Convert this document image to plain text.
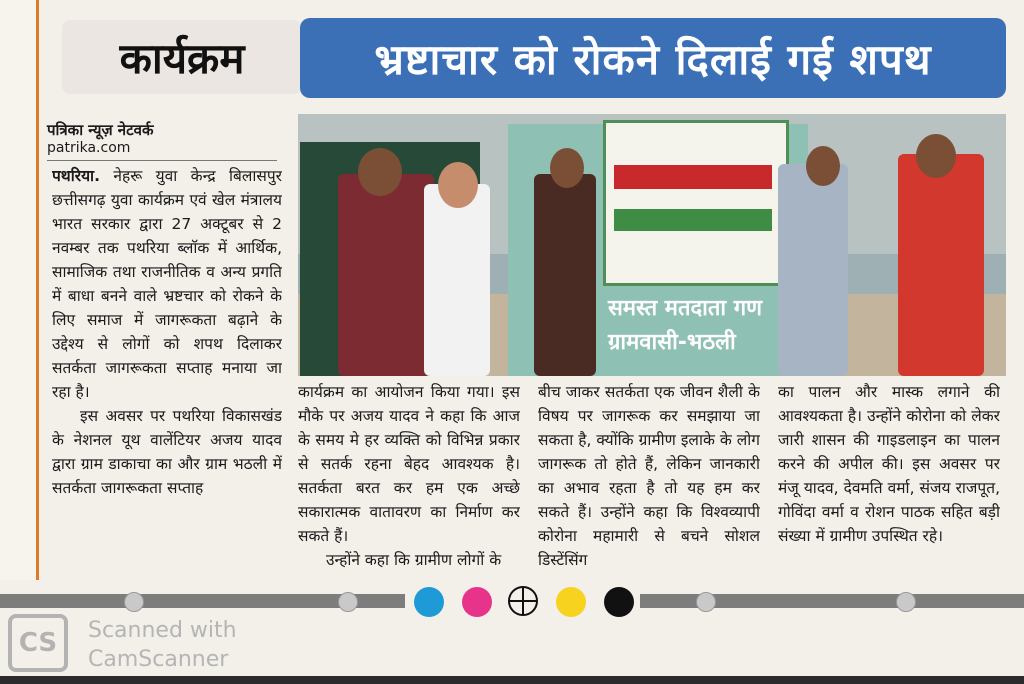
कार्यक्रम	भ्रष्टाचार को रोकने दिलाई गई शपथ
पत्रिका न्यूज़ नेटवर्क
patrika.com

पथरिया. नेहरू युवा केन्द्र बिलासपुर छत्तीसगढ़ युवा कार्यक्रम एवं खेल मंत्रालय भारत सरकार द्वारा 27 अक्टूबर से 2 नवम्बर तक पथरिया ब्लॉक में आर्थिक, सामाजिक तथा राजनीतिक व अन्य प्रगति में बाधा बनने वाले भ्रष्टचार को रोकने के लिए समाज में जागरूकता बढ़ाने के उद्देश्य से लोगों को शपथ दिलाकर सतर्कता जागरूकता सप्ताह मनाया जा रहा है।

इस अवसर पर पथरिया विकासखंड के नेशनल यूथ वालेंटियर अजय यादव द्वारा ग्राम डाकाचा का और ग्राम भठली में सतर्कता जागरूकता सप्ताह

समस्त मतदाता गण
ग्रामवासी-भठली

कार्यक्रम का आयोजन किया गया। इस मौके पर अजय यादव ने कहा कि आज के समय मे हर व्यक्ति को विभिन्न प्रकार से सतर्क रहना बेहद आवश्यक है। सतर्कता बरत कर हम एक अच्छे सकारात्मक वातावरण का निर्माण कर सकते हैं।

उन्होंने कहा कि ग्रामीण लोगों के

बीच जाकर सतर्कता एक जीवन शैली के विषय पर जागरूक कर समझाया जा सकता है, क्योंकि ग्रामीण इलाके के लोग जागरूक तो होते हैं, लेकिन जानकारी का अभाव रहता है तो यह हम कर सकते हैं। उन्होंने कहा कि विश्वव्यापी कोरोना महामारी से बचने सोशल डिस्टेंसिंग

का पालन और मास्क लगाने की आवश्यकता है। उन्होंने कोरोना को लेकर जारी शासन की गाइडलाइन का पालन करने की अपील की। इस अवसर पर मंजू यादव, देवमति वर्मा, संजय राजपूत, गोविंदा वर्मा व रोशन पाठक सहित बड़ी संख्या में ग्रामीण उपस्थित रहे।

CS	Scanned with
CamScanner
